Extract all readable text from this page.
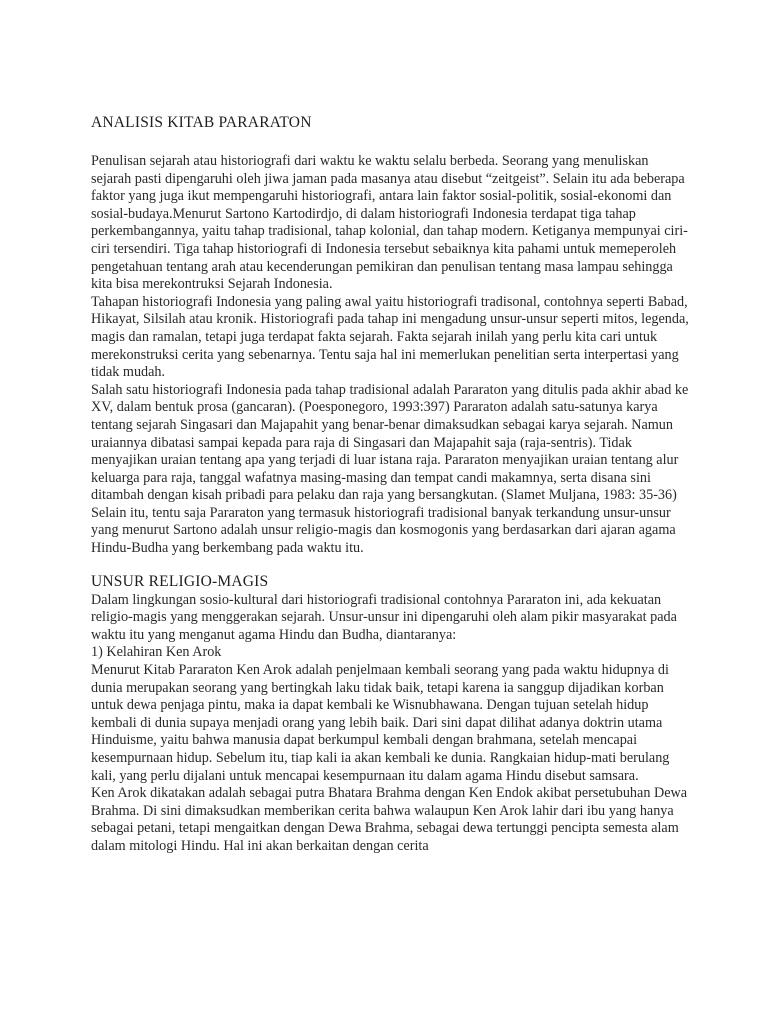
ANALISIS KITAB PARARATON

Penulisan sejarah atau historiografi dari waktu ke waktu selalu berbeda. Seorang yang menuliskan sejarah pasti dipengaruhi oleh jiwa jaman pada masanya atau disebut “zeitgeist”. Selain itu ada beberapa faktor yang juga ikut mempengaruhi historiografi, antara lain faktor sosial-politik, sosial-ekonomi dan sosial-budaya.Menurut Sartono Kartodirdjo, di dalam historiografi Indonesia terdapat tiga tahap perkembangannya, yaitu tahap tradisional, tahap kolonial, dan tahap modern. Ketiganya mempunyai ciri-ciri tersendiri. Tiga tahap historiografi di Indonesia tersebut sebaiknya kita pahami untuk memeperoleh pengetahuan tentang arah atau kecenderungan pemikiran dan penulisan tentang masa lampau sehingga kita bisa merekontruksi Sejarah Indonesia.

Tahapan historiografi Indonesia yang paling awal yaitu historiografi tradisonal, contohnya seperti Babad, Hikayat, Silsilah atau kronik. Historiografi pada tahap ini mengadung unsur-unsur seperti mitos, legenda, magis dan ramalan, tetapi juga terdapat fakta sejarah. Fakta sejarah inilah yang perlu kita cari untuk merekonstruksi cerita yang sebenarnya. Tentu saja hal ini memerlukan penelitian serta interpertasi yang tidak mudah.

Salah satu historiografi Indonesia pada tahap tradisional adalah Pararaton yang ditulis pada akhir abad ke XV, dalam bentuk prosa (gancaran). (Poesponegoro, 1993:397) Pararaton adalah satu-satunya karya tentang sejarah Singasari dan Majapahit yang benar-benar dimaksudkan sebagai karya sejarah. Namun uraiannya dibatasi sampai kepada para raja di Singasari dan Majapahit saja (raja-sentris). Tidak menyajikan uraian tentang apa yang terjadi di luar istana raja. Pararaton menyajikan uraian tentang alur keluarga para raja, tanggal wafatnya masing-masing dan tempat candi makamnya, serta disana sini ditambah dengan kisah pribadi para pelaku dan raja yang bersangkutan. (Slamet Muljana, 1983: 35-36) Selain itu, tentu saja Pararaton yang termasuk historiografi tradisional banyak terkandung unsur-unsur yang menurut Sartono adalah unsur religio-magis dan kosmogonis yang berdasarkan dari ajaran agama Hindu-Budha yang berkembang pada waktu itu.

UNSUR RELIGIO-MAGIS

Dalam lingkungan sosio-kultural dari historiografi tradisional contohnya Pararaton ini, ada kekuatan religio-magis yang menggerakan sejarah. Unsur-unsur ini dipengaruhi oleh alam pikir masyarakat pada waktu itu yang menganut agama Hindu dan Budha, diantaranya:

1) Kelahiran Ken Arok

Menurut Kitab Pararaton Ken Arok adalah penjelmaan kembali seorang yang pada waktu hidupnya di dunia merupakan seorang yang bertingkah laku tidak baik, tetapi karena ia sanggup dijadikan korban untuk dewa penjaga pintu, maka ia dapat kembali ke Wisnubhawana. Dengan tujuan setelah hidup kembali di dunia supaya menjadi orang yang lebih baik. Dari sini dapat dilihat adanya doktrin utama Hinduisme, yaitu bahwa manusia dapat berkumpul kembali dengan brahmana, setelah mencapai kesempurnaan hidup. Sebelum itu, tiap kali ia akan kembali ke dunia. Rangkaian hidup-mati berulang kali, yang perlu dijalani untuk mencapai kesempurnaan itu dalam agama Hindu disebut samsara.

Ken Arok dikatakan adalah sebagai putra Bhatara Brahma dengan Ken Endok akibat persetubuhan Dewa Brahma. Di sini dimaksudkan memberikan cerita bahwa walaupun Ken Arok lahir dari ibu yang hanya sebagai petani, tetapi mengaitkan dengan Dewa Brahma, sebagai dewa tertunggi pencipta semesta alam dalam mitologi Hindu. Hal ini akan berkaitan dengan cerita
